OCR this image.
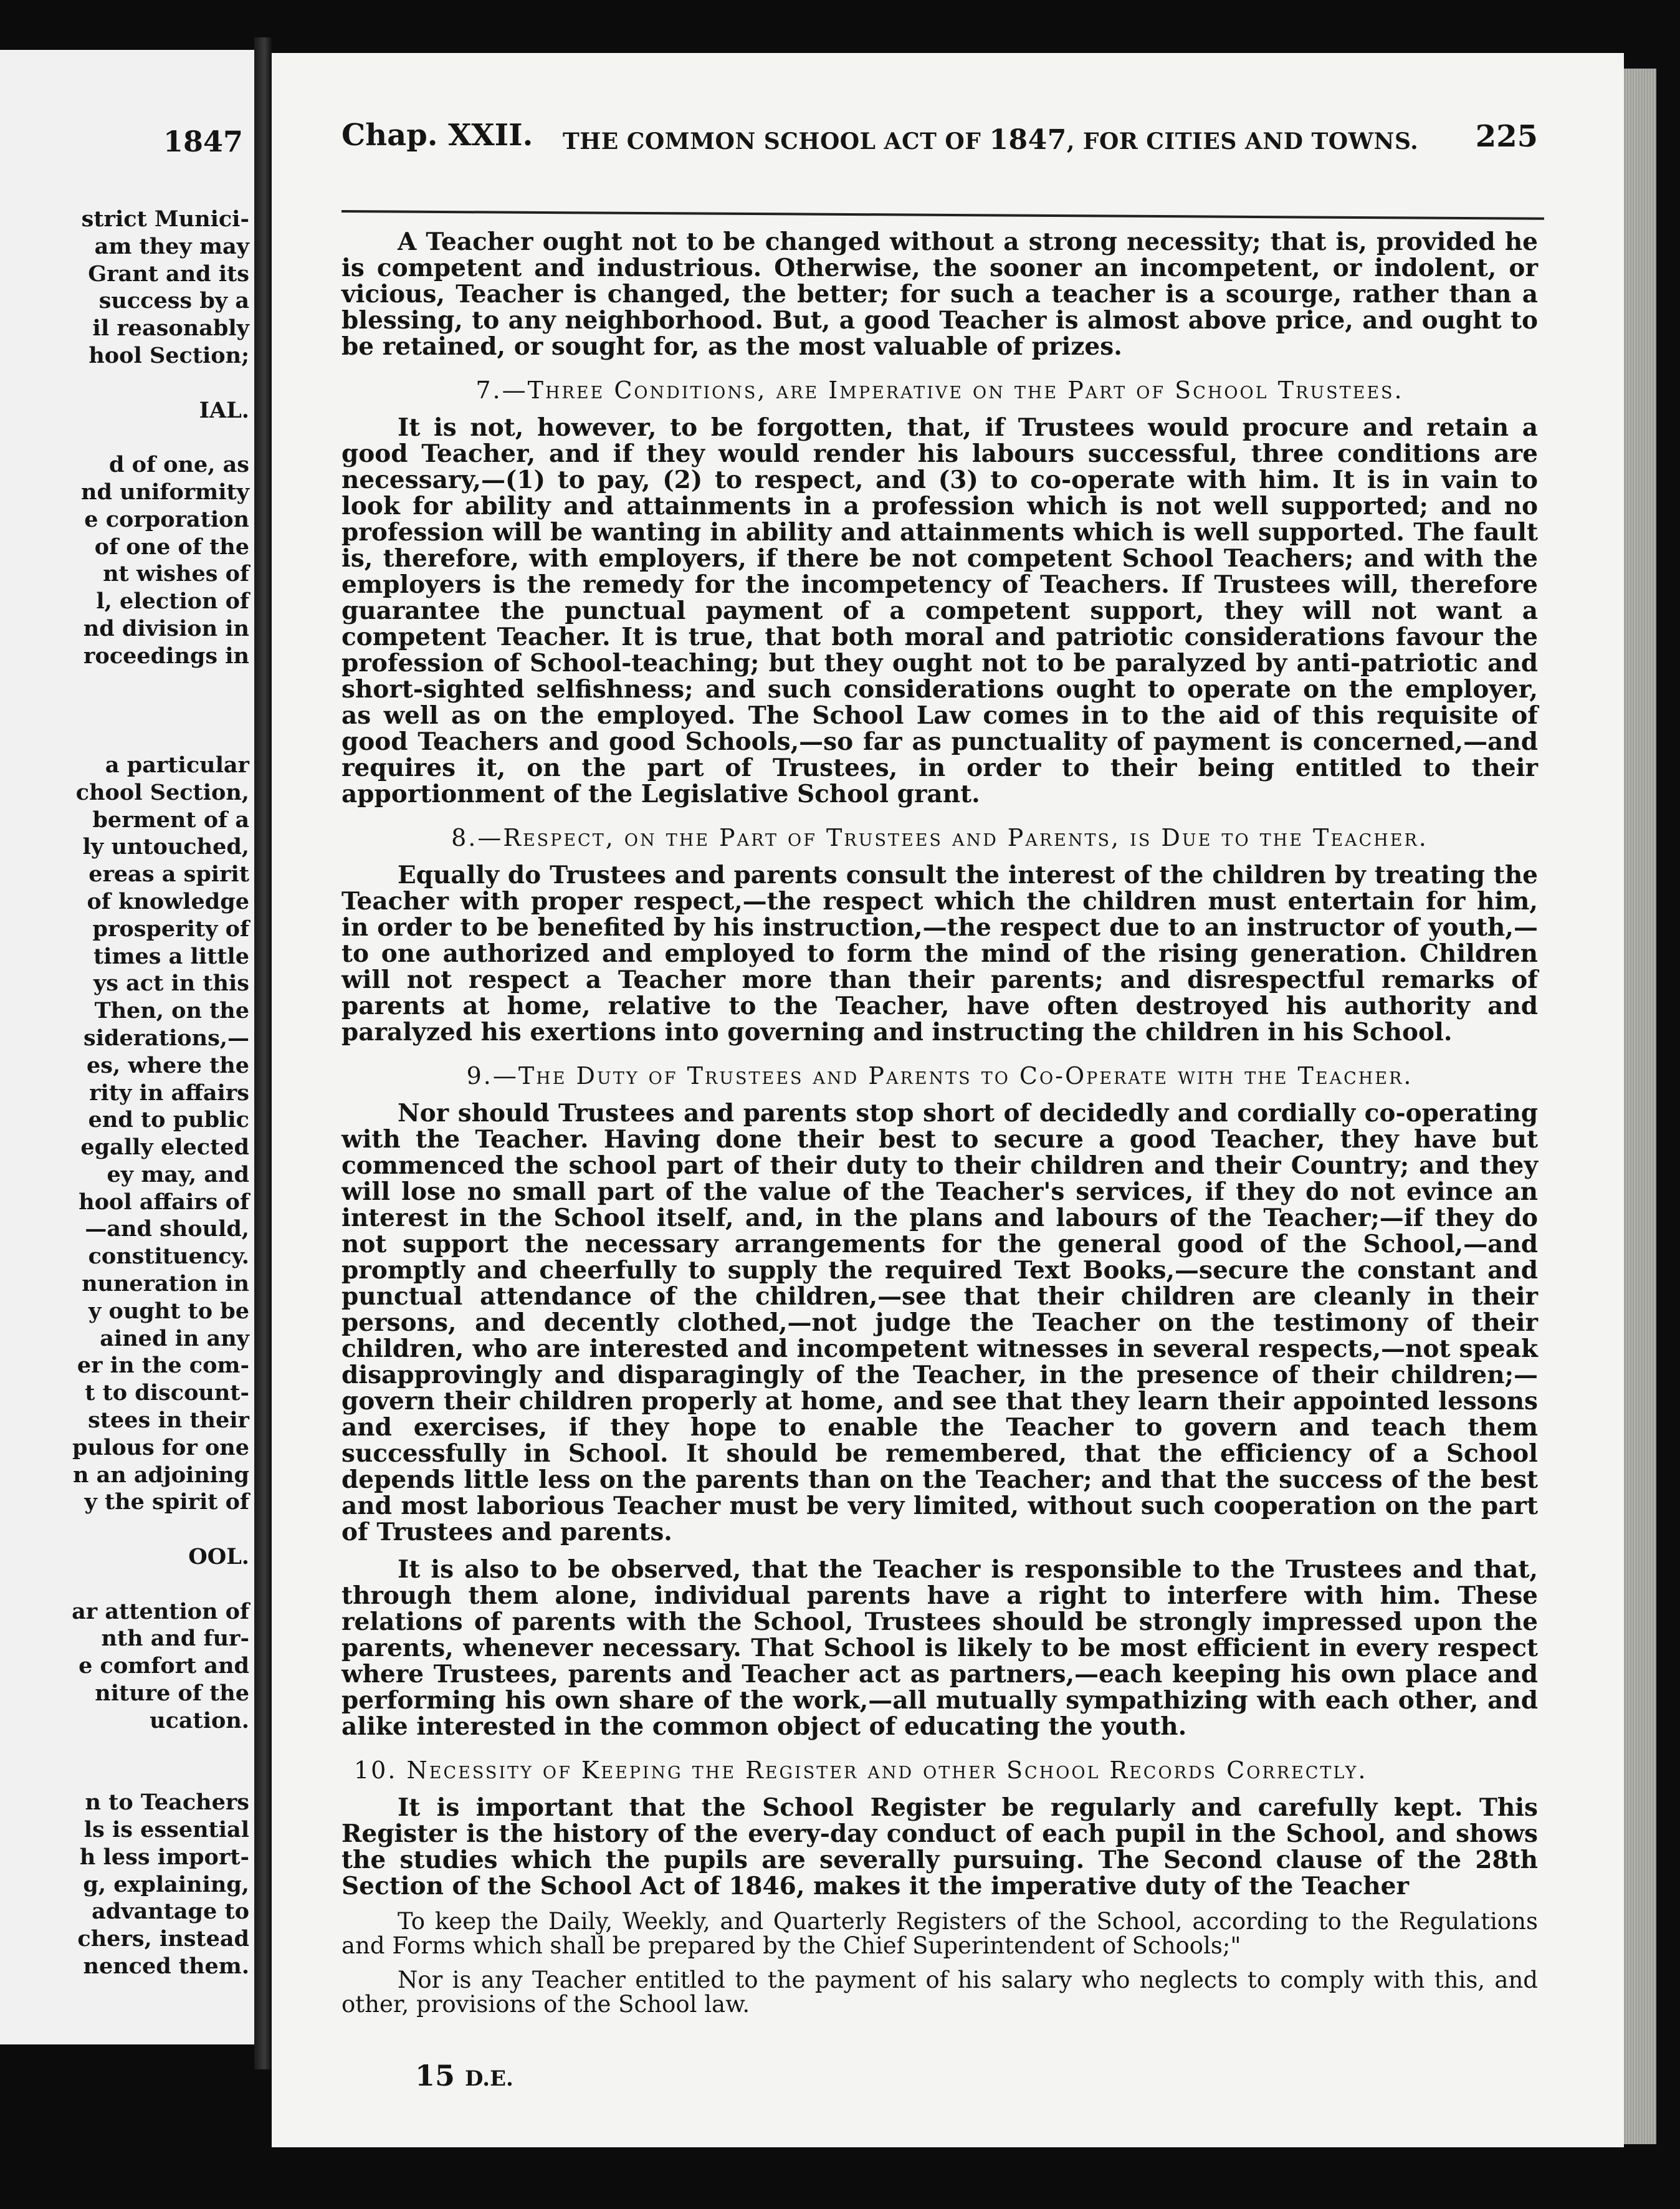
1847
strict Munici-
am they may
Grant and its
success by a
il reasonably
hool Section;
IAL.
d of one, as
nd uniformity
e corporation
of one of the
nt wishes of
l, election of
nd division in
roceedings in
a particular
chool Section,
berment of a
ly untouched,
ereas a spirit
of knowledge
prosperity of
times a little
ys act in this
Then, on the
siderations,—
es, where the
rity in affairs
end to public
egally elected
ey may, and
hool affairs of
—and should,
constituency.
nuneration in
y ought to be
ained in any
er in the com-
t to discount-
stees in their
pulous for one
n an adjoining
y the spirit of
OOL.
ar attention of
nth and fur-
e comfort and
niture of the
ucation.
n to Teachers
ls is essential
h less import-
g, explaining,
advantage to
chers, instead
nenced them.
Chap. XXII. THE COMMON SCHOOL ACT OF 1847, FOR CITIES AND TOWNS. 225

A Teacher ought not to be changed without a strong necessity; that is, provided he is competent and industrious. Otherwise, the sooner an incompetent, or indolent, or vicious, Teacher is changed, the better; for such a teacher is a scourge, rather than a blessing, to any neighborhood. But, a good Teacher is almost above price, and ought to be retained, or sought for, as the most valuable of prizes.

7.—Three Conditions, are Imperative on the Part of School Trustees.

It is not, however, to be forgotten, that, if Trustees would procure and retain a good Teacher, and if they would render his labours successful, three conditions are necessary,—(1) to pay, (2) to respect, and (3) to co-operate with him. It is in vain to look for ability and attainments in a profession which is not well supported; and no profession will be wanting in ability and attainments which is well supported. The fault is, therefore, with employers, if there be not competent School Teachers; and with the employers is the remedy for the incompetency of Teachers. If Trustees will, therefore guarantee the punctual payment of a competent support, they will not want a competent Teacher. It is true, that both moral and patriotic considerations favour the profession of School-teaching; but they ought not to be paralyzed by anti-patriotic and short-sighted selfishness; and such considerations ought to operate on the employer, as well as on the employed. The School Law comes in to the aid of this requisite of good Teachers and good Schools,—so far as punctuality of payment is concerned,—and requires it, on the part of Trustees, in order to their being entitled to their apportionment of the Legislative School grant.

8.—Respect, on the Part of Trustees and Parents, is Due to the Teacher.

Equally do Trustees and parents consult the interest of the children by treating the Teacher with proper respect,—the respect which the children must entertain for him, in order to be benefited by his instruction,—the respect due to an instructor of youth,—to one authorized and employed to form the mind of the rising generation. Children will not respect a Teacher more than their parents; and disrespectful remarks of parents at home, relative to the Teacher, have often destroyed his authority and paralyzed his exertions into governing and instructing the children in his School.

9.—The Duty of Trustees and Parents to Co-Operate with the Teacher.

Nor should Trustees and parents stop short of decidedly and cordially co-operating with the Teacher. Having done their best to secure a good Teacher, they have but commenced the school part of their duty to their children and their Country; and they will lose no small part of the value of the Teacher's services, if they do not evince an interest in the School itself, and, in the plans and labours of the Teacher;—if they do not support the necessary arrangements for the general good of the School,—and promptly and cheerfully to supply the required Text Books,—secure the constant and punctual attendance of the children,—see that their children are cleanly in their persons, and decently clothed,—not judge the Teacher on the testimony of their children, who are interested and incompetent witnesses in several respects,—not speak disapprovingly and disparagingly of the Teacher, in the presence of their children;—govern their children properly at home, and see that they learn their appointed lessons and exercises, if they hope to enable the Teacher to govern and teach them successfully in School. It should be remembered, that the efficiency of a School depends little less on the parents than on the Teacher; and that the success of the best and most laborious Teacher must be very limited, without such cooperation on the part of Trustees and parents.

It is also to be observed, that the Teacher is responsible to the Trustees and that, through them alone, individual parents have a right to interfere with him. These relations of parents with the School, Trustees should be strongly impressed upon the parents, whenever necessary. That School is likely to be most efficient in every respect where Trustees, parents and Teacher act as partners,—each keeping his own place and performing his own share of the work,—all mutually sympathizing with each other, and alike interested in the common object of educating the youth.

10. Necessity of Keeping the Register and other School Records Correctly.

It is important that the School Register be regularly and carefully kept. This Register is the history of the every-day conduct of each pupil in the School, and shows the studies which the pupils are severally pursuing. The Second clause of the 28th Section of the School Act of 1846, makes it the imperative duty of the Teacher

To keep the Daily, Weekly, and Quarterly Registers of the School, according to the Regulations and Forms which shall be prepared by the Chief Superintendent of Schools;"

Nor is any Teacher entitled to the payment of his salary who neglects to comply with this, and other, provisions of the School law.

15 D.E.
